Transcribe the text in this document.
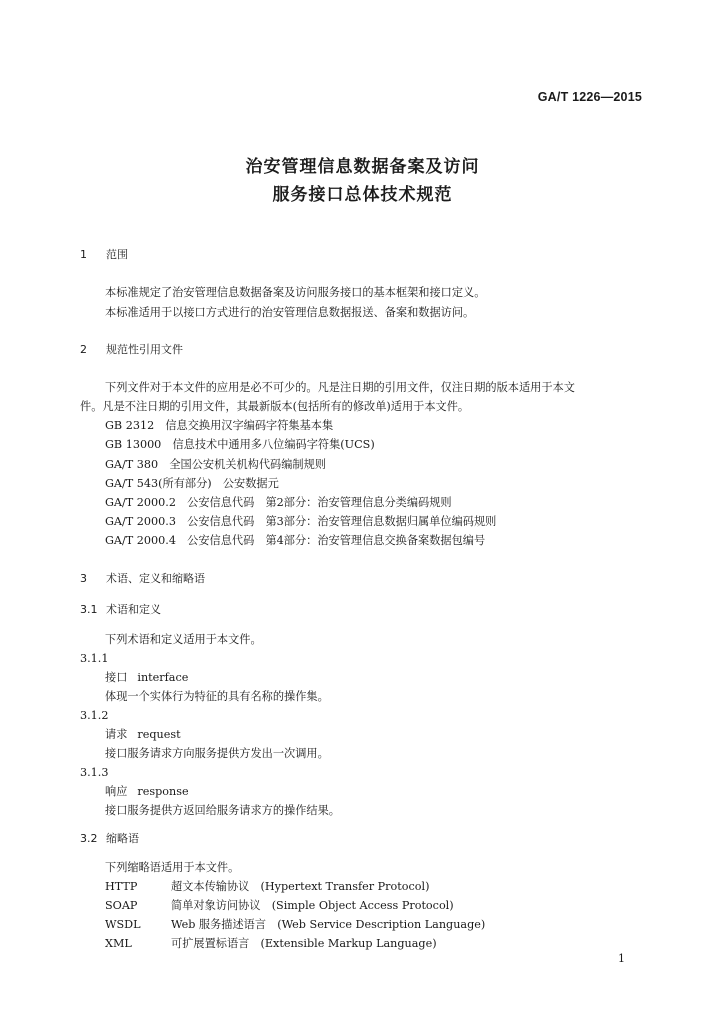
GA/T 1226—2015
治安管理信息数据备案及访问
服务接口总体技术规范
1 范围
本标准规定了治安管理信息数据备案及访问服务接口的基本框架和接口定义。
本标准适用于以接口方式进行的治安管理信息数据报送、备案和数据访问。
2 规范性引用文件
下列文件对于本文件的应用是必不可少的。凡是注日期的引用文件，仅注日期的版本适用于本文
件。凡是不注日期的引用文件，其最新版本(包括所有的修改单)适用于本文件。
GB 2312　信息交换用汉字编码字符集基本集
GB 13000　信息技术中通用多八位编码字符集(UCS)
GA/T 380　全国公安机关机构代码编制规则
GA/T 543(所有部分)　公安数据元
GA/T 2000.2　公安信息代码　第2部分：治安管理信息分类编码规则
GA/T 2000.3　公安信息代码　第3部分：治安管理信息数据归属单位编码规则
GA/T 2000.4　公安信息代码　第4部分：治安管理信息交换备案数据包编号
3 术语、定义和缩略语
3.1 术语和定义
下列术语和定义适用于本文件。
3.1.1
接口 interface
体现一个实体行为特征的具有名称的操作集。
3.1.2
请求 request
接口服务请求方向服务提供方发出一次调用。
3.1.3
响应 response
接口服务提供方返回给服务请求方的操作结果。
3.2 缩略语
下列缩略语适用于本文件。
HTTP	超文本传输协议　(Hypertext Transfer Protocol)
SOAP	简单对象访问协议　(Simple Object Access Protocol)
WSDL	Web 服务描述语言　(Web Service Description Language)
XML	可扩展置标语言　(Extensible Markup Language)
1
